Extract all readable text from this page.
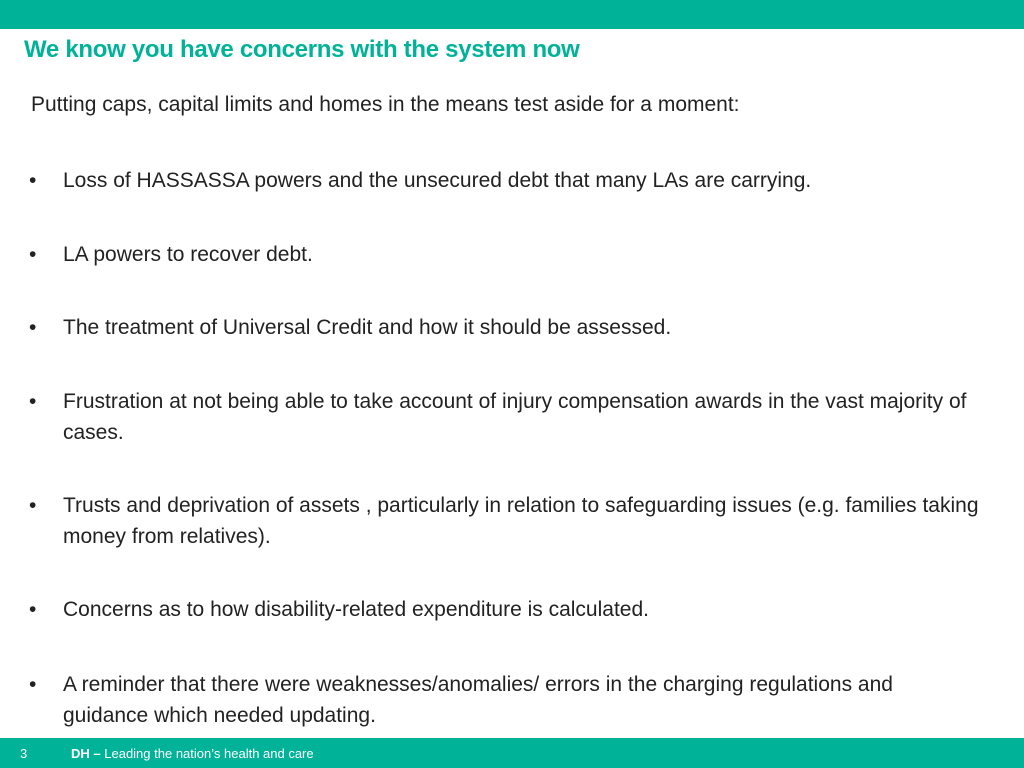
We know you have concerns with the system now

Putting caps, capital limits and homes in the means test aside for a moment:

• Loss of HASSASSA powers and the unsecured debt that many LAs are carrying.
• LA powers to recover debt.
• The treatment of Universal Credit and how it should be assessed.
• Frustration at not being able to take account of injury compensation awards in the vast majority of cases.
• Trusts and deprivation of assets , particularly in relation to safeguarding issues (e.g. families taking money from relatives).
• Concerns as to how disability-related expenditure is calculated.
• A reminder that there were weaknesses/anomalies/ errors in the charging regulations and guidance which needed updating.
3	DH – Leading the nation’s health and care
